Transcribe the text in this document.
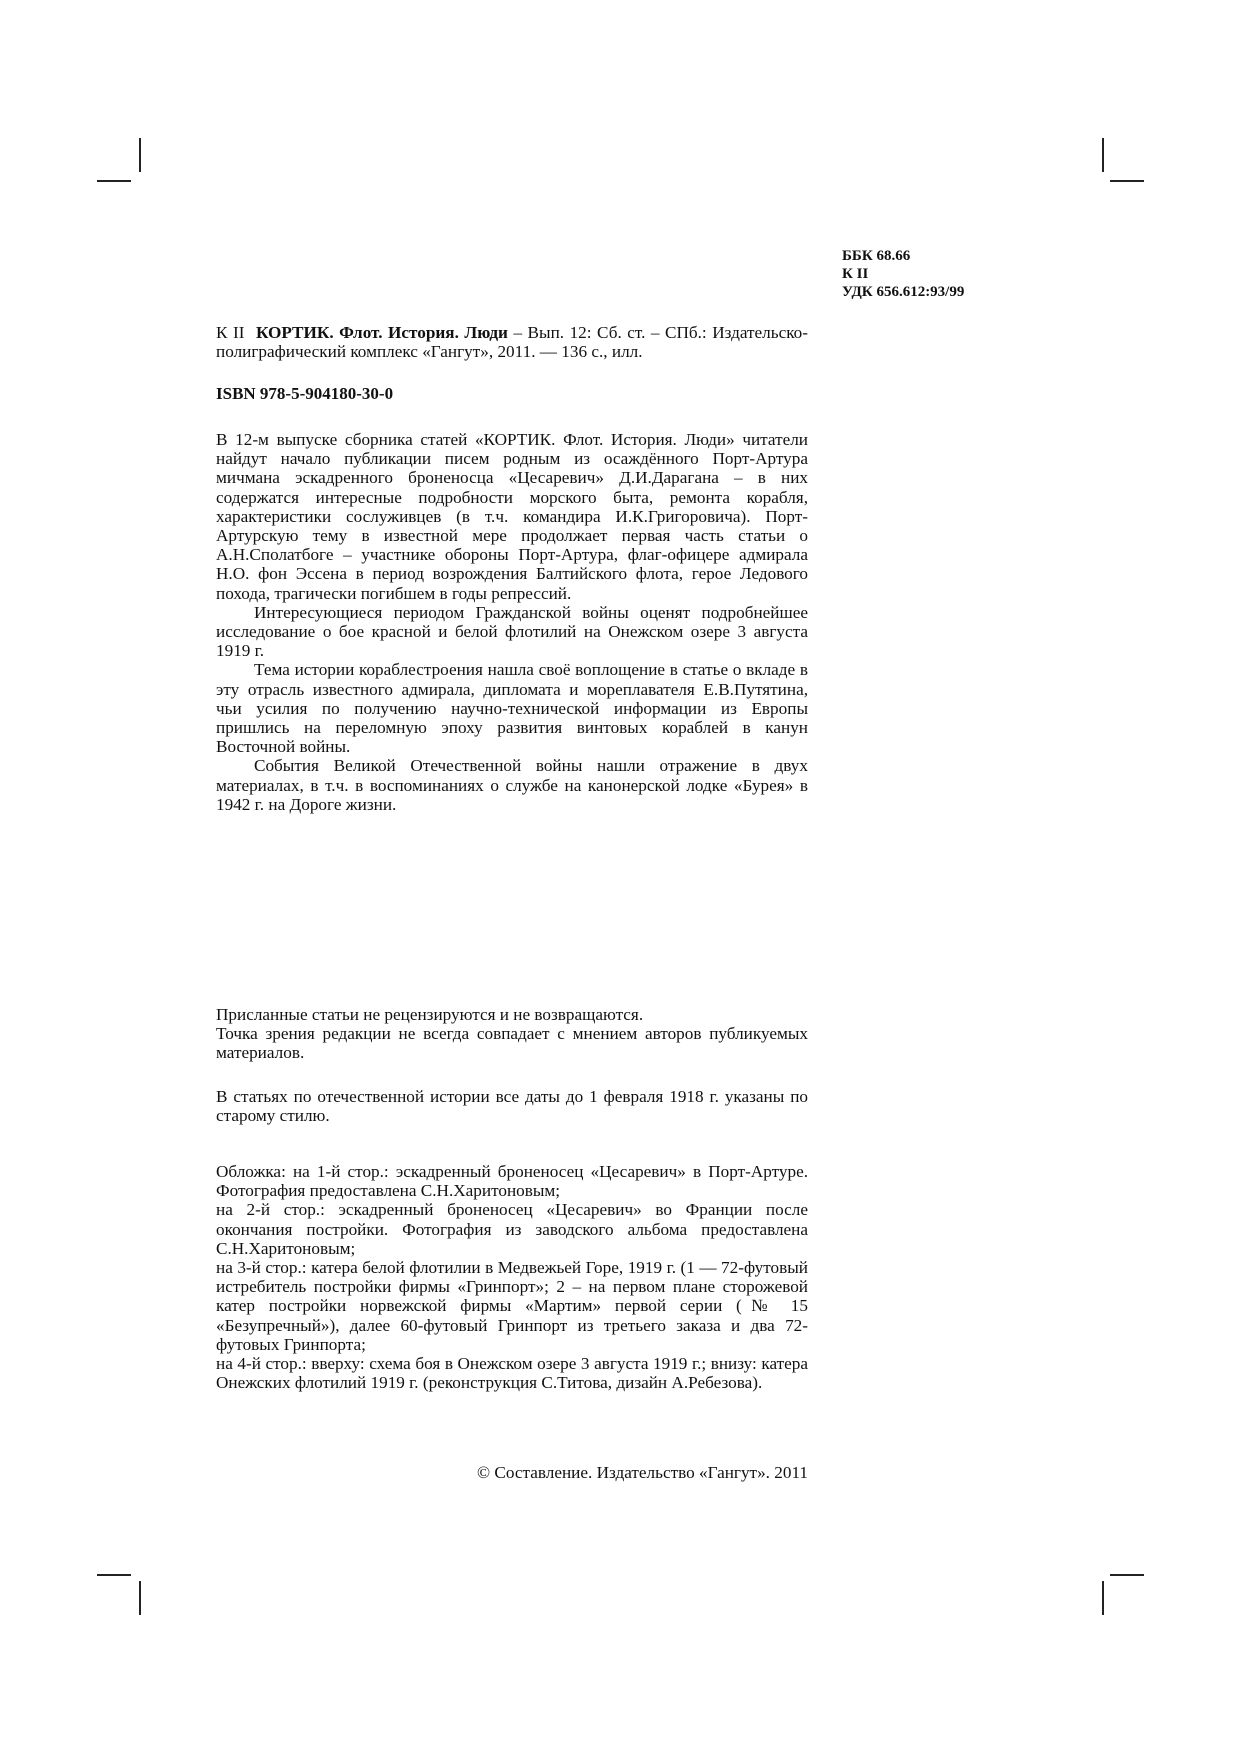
ББК 68.66
К II
УДК 656.612:93/99
К II КОРТИК. Флот. История. Люди – Вып. 12: Сб. ст. – СПб.: Издательско-полиграфический комплекс «Гангут», 2011. — 136 с., илл.
ISBN 978-5-904180-30-0

В 12-м выпуске сборника статей «КОРТИК. Флот. История. Люди» читатели найдут начало публикации писем родным из осаждённого Порт-Артура мичмана эскадренного броненосца «Цесаревич» Д.И.Дарагана – в них содержатся интересные подробности морского быта, ремонта корабля, характеристики сослуживцев (в т.ч. командира И.К.Григоровича). Порт-Артурскую тему в известной мере продолжает первая часть статьи о А.Н.Сполатбоге – участнике обороны Порт-Артура, флаг-офицере адмирала Н.О. фон Эссена в период возрождения Балтийского флота, герое Ледового похода, трагически погибшем в годы репрессий.

Интересующиеся периодом Гражданской войны оценят подробнейшее исследование о бое красной и белой флотилий на Онежском озере 3 августа 1919 г.

Тема истории кораблестроения нашла своё воплощение в статье о вкладе в эту отрасль известного адмирала, дипломата и мореплавателя Е.В.Путятина, чьи усилия по получению научно-технической информации из Европы пришлись на переломную эпоху развития винтовых кораблей в канун Восточной войны.

События Великой Отечественной войны нашли отражение в двух материалах, в т.ч. в воспоминаниях о службе на канонерской лодке «Бурея» в 1942 г. на Дороге жизни.

Присланные статьи не рецензируются и не возвращаются.

Точка зрения редакции не всегда совпадает с мнением авторов публикуемых материалов.

В статьях по отечественной истории все даты до 1 февраля 1918 г. указаны по старому стилю.

Обложка: на 1-й стор.: эскадренный броненосец «Цесаревич» в Порт-Артуре. Фотография предоставлена С.Н.Харитоновым;

на 2-й стор.: эскадренный броненосец «Цесаревич» во Франции после окончания постройки. Фотография из заводского альбома предоставлена С.Н.Харитоновым;

на 3-й стор.: катера белой флотилии в Медвежьей Горе, 1919 г. (1 — 72-футовый истребитель постройки фирмы «Гринпорт»; 2 – на первом плане сторожевой катер постройки норвежской фирмы «Мартим» первой серии (№ 15 «Безупречный»), далее 60-футовый Гринпорт из третьего заказа и два 72-футовых Гринпорта;

на 4-й стор.: вверху: схема боя в Онежском озере 3 августа 1919 г.; внизу: катера Онежских флотилий 1919 г. (реконструкция С.Титова, дизайн А.Ребезова).

© Составление. Издательство «Гангут». 2011
